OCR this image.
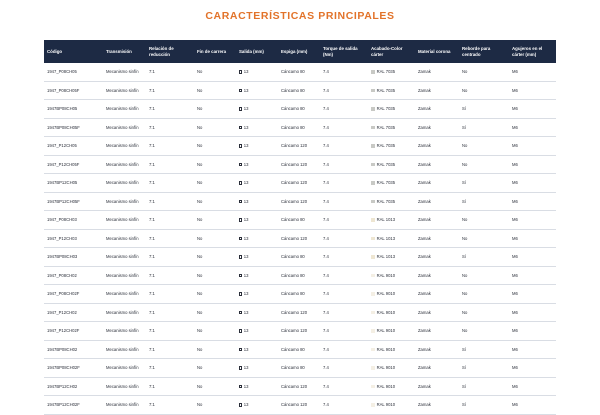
CARACTERÍSTICAS PRINCIPALES
Código	Transmisión	Relación de reducción	Fin de carrera	Salida (mm)	Espiga (mm)	Torque de salida (Nm)	Acabado-Color cárter	Material corona	Reborde para centrado	Agujeros en el cárter (mm)
1947_P08CH05	Mecanismo sinfín	7:1	No	13	Cáncamo 80	7.4	RAL 7035	Zamak	No	M6
1947_P08CH05F	Mecanismo sinfín	7:1	No	13	Cáncamo 80	7.4	RAL 7035	Zamak	No	M6
1947BP08CH05	Mecanismo sinfín	7:1	No	13	Cáncamo 80	7.4	RAL 7035	Zamak	Sí	M6
1947BP08CH05F	Mecanismo sinfín	7:1	No	13	Cáncamo 80	7.4	RAL 7035	Zamak	Sí	M6
1947_P12CH05	Mecanismo sinfín	7:1	No	13	Cáncamo 120	7.4	RAL 7035	Zamak	No	M6
1947_P12CH05F	Mecanismo sinfín	7:1	No	13	Cáncamo 120	7.4	RAL 7035	Zamak	No	M6
1947BP12CH05	Mecanismo sinfín	7:1	No	13	Cáncamo 120	7.4	RAL 7035	Zamak	Sí	M6
1947BP12CH05F	Mecanismo sinfín	7:1	No	13	Cáncamo 120	7.4	RAL 7035	Zamak	Sí	M6
1947_P08CH03	Mecanismo sinfín	7:1	No	13	Cáncamo 80	7.4	RAL 1013	Zamak	No	M6
1947_P12CH03	Mecanismo sinfín	7:1	No	13	Cáncamo 120	7.4	RAL 1013	Zamak	No	M6
1947BP08CH03	Mecanismo sinfín	7:1	No	13	Cáncamo 80	7.4	RAL 1013	Zamak	Sí	M6
1947_P08CH02	Mecanismo sinfín	7:1	No	13	Cáncamo 80	7.4	RAL 9010	Zamak	No	M6
1947_P08CH02F	Mecanismo sinfín	7:1	No	13	Cáncamo 80	7.4	RAL 9010	Zamak	No	M6
1947_P12CH02	Mecanismo sinfín	7:1	No	13	Cáncamo 120	7.4	RAL 9010	Zamak	No	M6
1947_P12CH02F	Mecanismo sinfín	7:1	No	13	Cáncamo 120	7.4	RAL 9010	Zamak	No	M6
1947BP08CH02	Mecanismo sinfín	7:1	No	13	Cáncamo 80	7.4	RAL 9010	Zamak	Sí	M6
1947BP08CH02F	Mecanismo sinfín	7:1	No	13	Cáncamo 80	7.4	RAL 9010	Zamak	Sí	M6
1947BP12CH02	Mecanismo sinfín	7:1	No	13	Cáncamo 120	7.4	RAL 9010	Zamak	Sí	M6
1947BP12CH02F	Mecanismo sinfín	7:1	No	13	Cáncamo 120	7.4	RAL 9010	Zamak	Sí	M6
